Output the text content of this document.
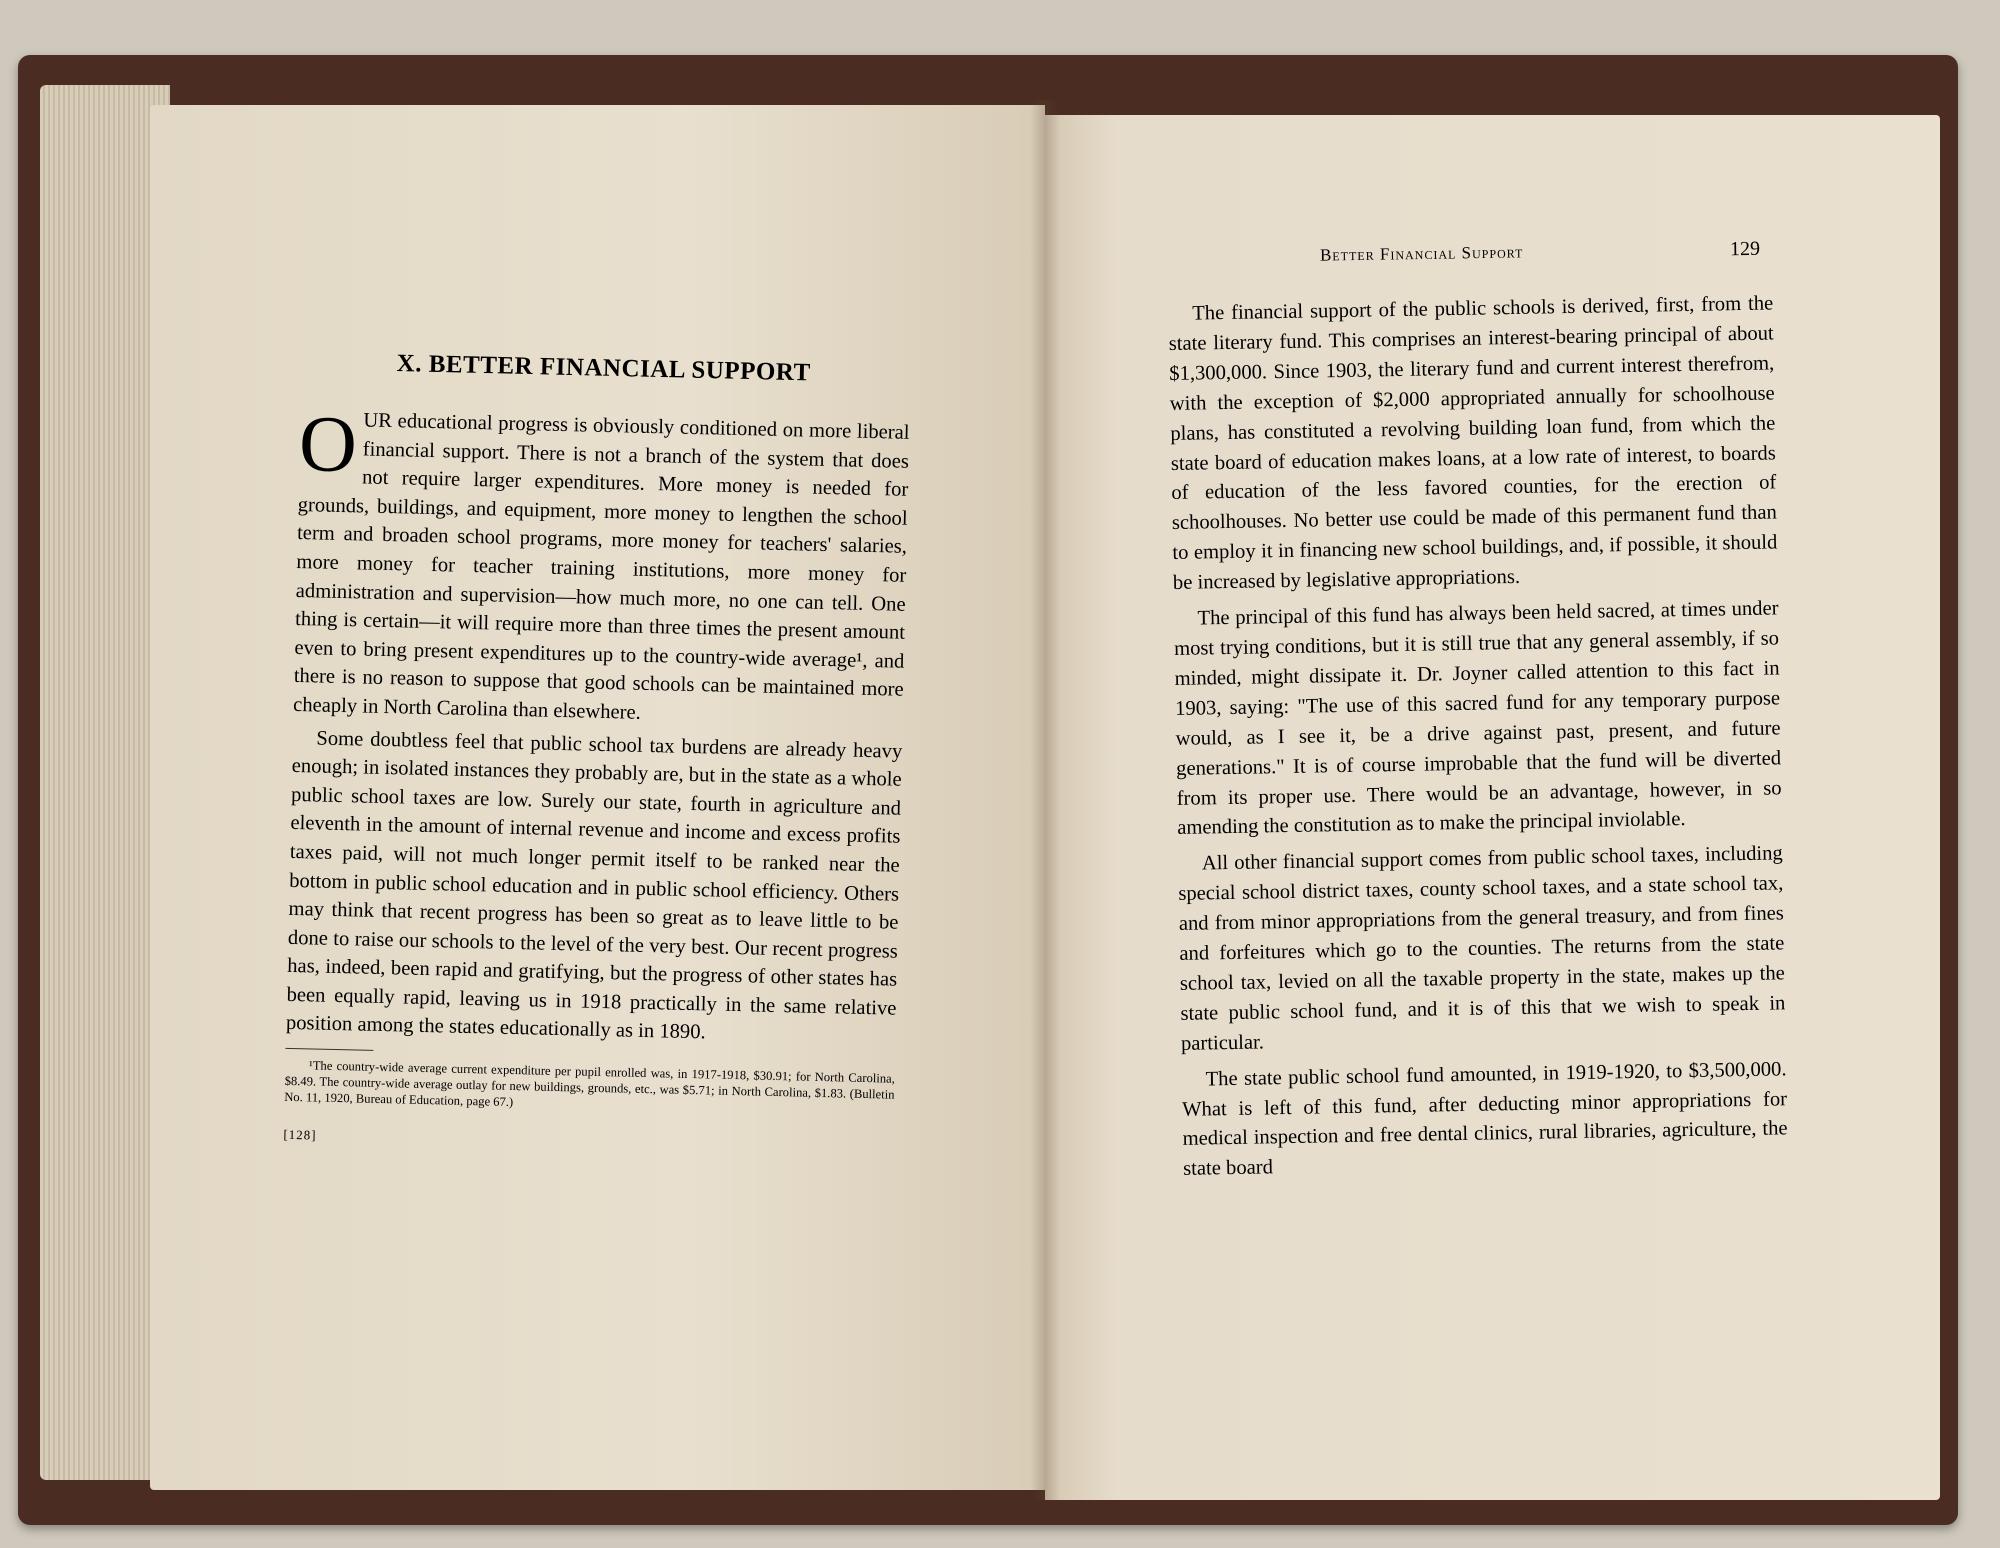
X. BETTER FINANCIAL SUPPORT

OUR educational progress is obviously conditioned on more liberal financial support. There is not a branch of the system that does not require larger expenditures. More money is needed for grounds, buildings, and equipment, more money to lengthen the school term and broaden school programs, more money for teachers' salaries, more money for teacher training institutions, more money for administration and supervision—how much more, no one can tell. One thing is certain—it will require more than three times the present amount even to bring present expenditures up to the country-wide average¹, and there is no reason to suppose that good schools can be maintained more cheaply in North Carolina than elsewhere.

Some doubtless feel that public school tax burdens are already heavy enough; in isolated instances they probably are, but in the state as a whole public school taxes are low. Surely our state, fourth in agriculture and eleventh in the amount of internal revenue and income and excess profits taxes paid, will not much longer permit itself to be ranked near the bottom in public school education and in public school efficiency. Others may think that recent progress has been so great as to leave little to be done to raise our schools to the level of the very best. Our recent progress has, indeed, been rapid and gratifying, but the progress of other states has been equally rapid, leaving us in 1918 practically in the same relative position among the states educationally as in 1890.

¹The country-wide average current expenditure per pupil enrolled was, in 1917-1918, $30.91; for North Carolina, $8.49. The country-wide average outlay for new buildings, grounds, etc., was $5.71; in North Carolina, $1.83. (Bulletin No. 11, 1920, Bureau of Education, page 67.)

[128]
Better Financial Support	129

The financial support of the public schools is derived, first, from the state literary fund. This comprises an interest-bearing principal of about $1,300,000. Since 1903, the literary fund and current interest therefrom, with the exception of $2,000 appropriated annually for schoolhouse plans, has constituted a revolving building loan fund, from which the state board of education makes loans, at a low rate of interest, to boards of education of the less favored counties, for the erection of schoolhouses. No better use could be made of this permanent fund than to employ it in financing new school buildings, and, if possible, it should be increased by legislative appropriations.

The principal of this fund has always been held sacred, at times under most trying conditions, but it is still true that any general assembly, if so minded, might dissipate it. Dr. Joyner called attention to this fact in 1903, saying: "The use of this sacred fund for any temporary purpose would, as I see it, be a drive against past, present, and future generations." It is of course improbable that the fund will be diverted from its proper use. There would be an advantage, however, in so amending the constitution as to make the principal inviolable.

All other financial support comes from public school taxes, including special school district taxes, county school taxes, and a state school tax, and from minor appropriations from the general treasury, and from fines and forfeitures which go to the counties. The returns from the state school tax, levied on all the taxable property in the state, makes up the state public school fund, and it is of this that we wish to speak in particular.

The state public school fund amounted, in 1919-1920, to $3,500,000. What is left of this fund, after deducting minor appropriations for medical inspection and free dental clinics, rural libraries, agriculture, the state board
